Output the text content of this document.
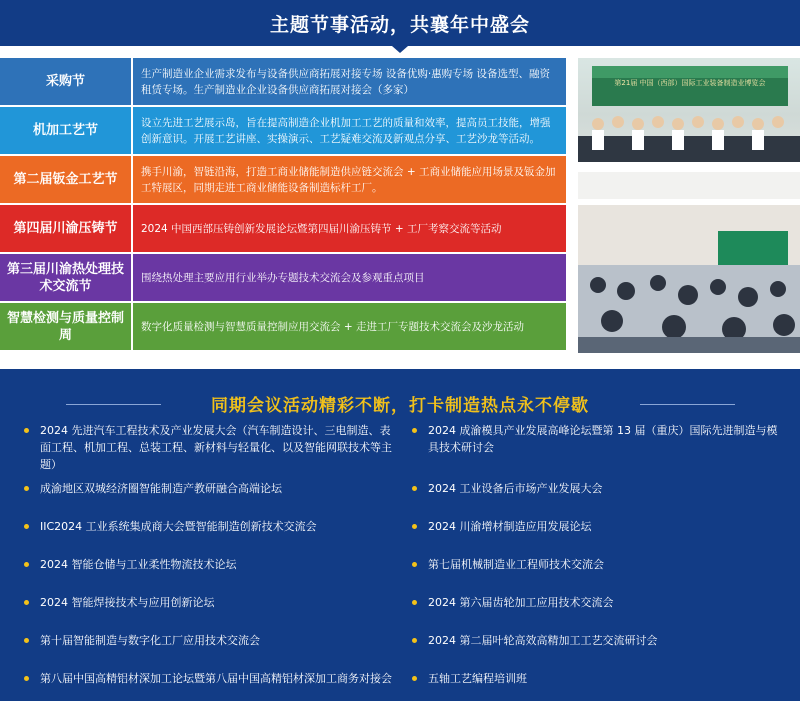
主题节事活动，共襄年中盛会
采购节
生产制造业企业需求发布与设备供应商拓展对接专场 设备优购·惠购专场 设备选型、融资租赁专场。生产制造业企业设备供应商拓展对接会（多家）
机加工艺节
设立先进工艺展示岛，旨在提高制造企业机加工工艺的质量和效率，提高员工技能，增强创新意识。开展工艺讲座、实操演示、工艺疑难交流及新观点分享、工艺沙龙等活动。
第二届钣金工艺节
携手川渝，智链沿海，打造工商业储能制造供应链交流会 + 工商业储能应用场景及钣金加工特展区，同期走进工商业储能设备制造标杆工厂。
第四届川渝压铸节	2024 中国西部压铸创新发展论坛暨第四届川渝压铸节 + 工厂考察交流等活动
第三届川渝热处理技术交流节
围绕热处理主要应用行业举办专题技术交流会及参观重点项目
智慧检测与质量控制周
数字化质量检测与智慧质量控制应用交流会 + 走进工厂专题技术交流会及沙龙活动
第21届 中国（西部）国际工业装备制造业博览会
同期会议活动精彩不断，打卡制造热点永不停歇
2024 先进汽车工程技术及产业发展大会（汽车制造设计、三电制造、表面工程、机加工程、总装工程、新材料与轻量化、以及智能网联技术等主题）
成渝地区双城经济圈智能制造产教研融合高端论坛
IIC2024 工业系统集成商大会暨智能制造创新技术交流会
2024 智能仓储与工业柔性物流技术论坛
2024 智能焊接技术与应用创新论坛
第十届智能制造与数字化工厂应用技术交流会
第八届中国高精铝材深加工论坛暨第八届中国高精铝材深加工商务对接会
2024 成渝模具产业发展高峰论坛暨第 13 届（重庆）国际先进制造与模具技术研讨会
2024 工业设备后市场产业发展大会
2024 川渝增材制造应用发展论坛
第七届机械制造业工程师技术交流会
2024 第六届齿轮加工应用技术交流会
2024 第二届叶轮高效高精加工工艺交流研讨会
五轴工艺编程培训班
